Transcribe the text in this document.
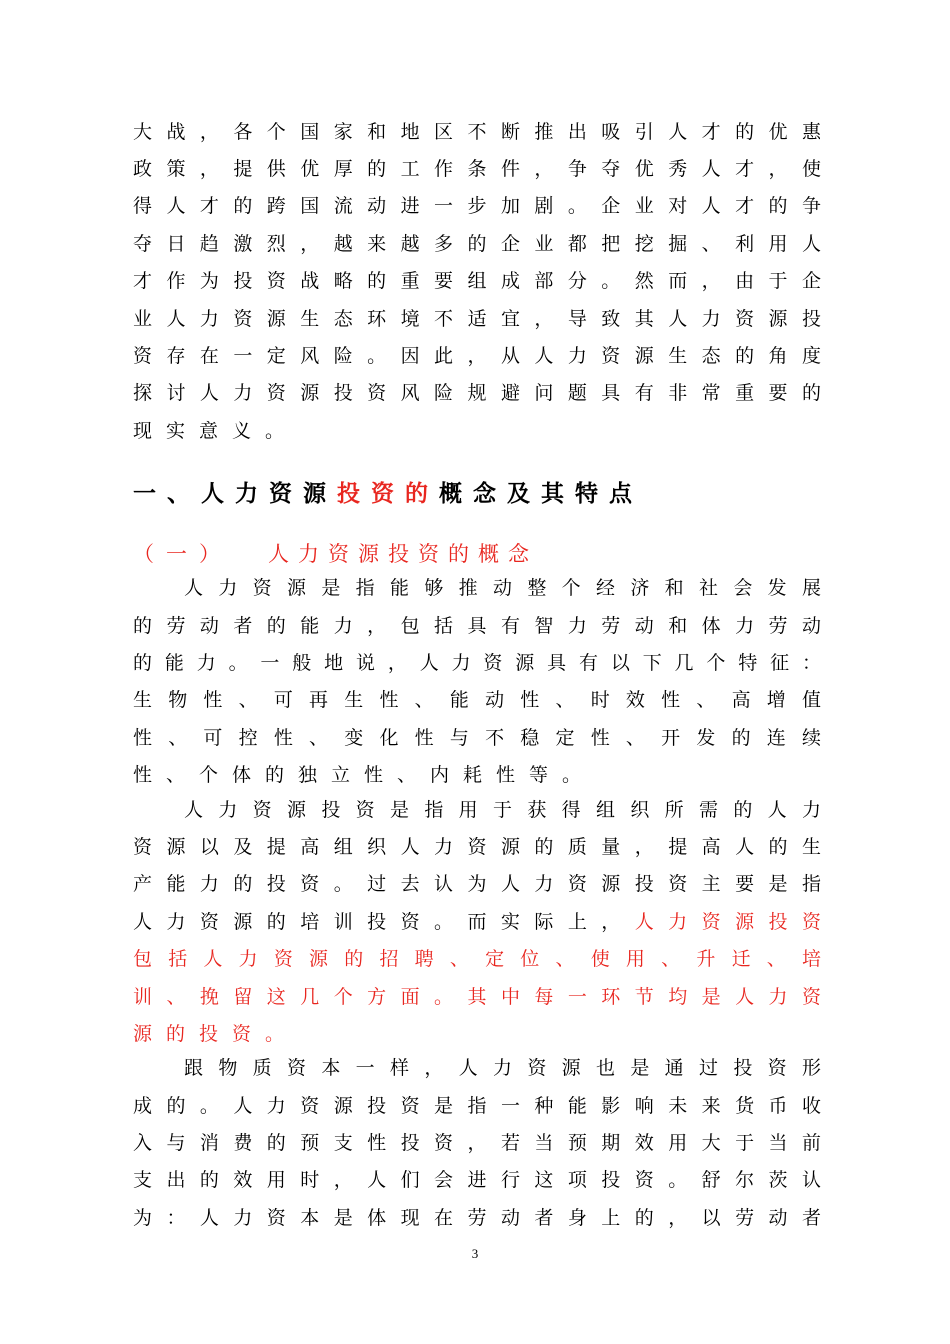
大战，各个国家和地区不断推出吸引人才的优惠
政策，提供优厚的工作条件，争夺优秀人才，使
得人才的跨国流动进一步加剧。企业对人才的争
夺日趋激烈，越来越多的企业都把挖掘、利用人
才作为投资战略的重要组成部分。然而，由于企
业人力资源生态环境不适宜，导致其人力资源投
资存在一定风险。因此，从人力资源生态的角度
探讨人力资源投资风险规避问题具有非常重要的
现实意义。
一、人力资源投资的概念及其特点
（一） 人力资源投资的概念
人力资源是指能够推动整个经济和社会发展
的劳动者的能力，包括具有智力劳动和体力劳动
的能力。一般地说，人力资源具有以下几个特征：
生物性、可再生性、能动性、时效性、高增值
性、可控性、变化性与不稳定性、开发的连续
性、个体的独立性、内耗性等。
人力资源投资是指用于获得组织所需的人力
资源以及提高组织人力资源的质量，提高人的生
产能力的投资。过去认为人力资源投资主要是指
人力资源的培训投资。而实际上，人力资源投资
包括人力资源的招聘、定位、使用、升迁、培
训、挽留这几个方面。其中每一环节均是人力资
源的投资。
跟物质资本一样，人力资源也是通过投资形
成的。人力资源投资是指一种能影响未来货币收
入与消费的预支性投资，若当预期效用大于当前
支出的效用时，人们会进行这项投资。舒尔茨认
为：人力资本是体现在劳动者身上的，以劳动者
3
